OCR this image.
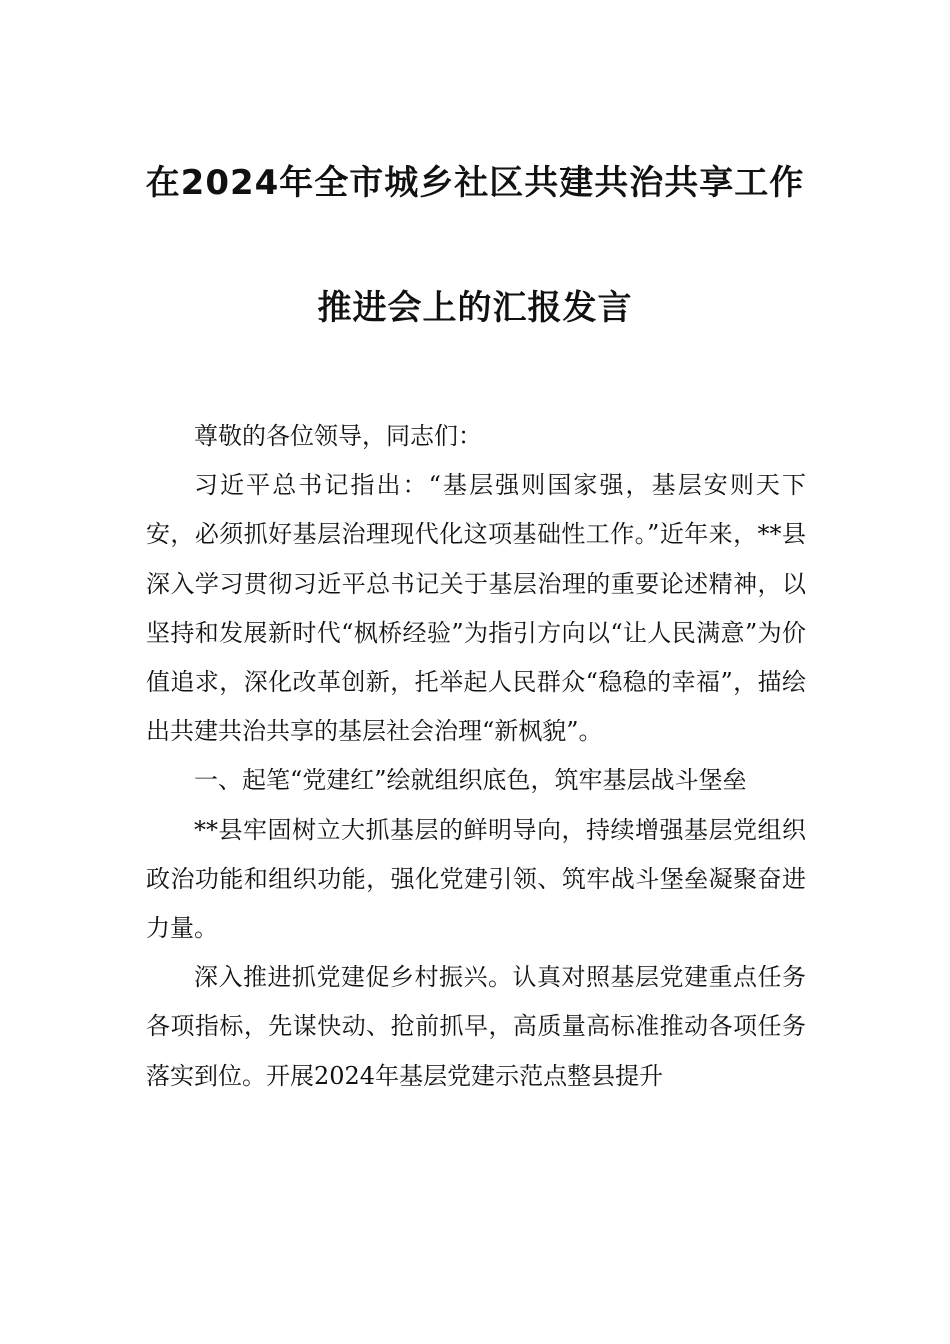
在2024年全市城乡社区共建共治共享工作
推进会上的汇报发言

尊敬的各位领导，同志们：

习近平总书记指出：“基层强则国家强，基层安则天下安，必须抓好基层治理现代化这项基础性工作。”近年来，**县深入学习贯彻习近平总书记关于基层治理的重要论述精神，以坚持和发展新时代“枫桥经验”为指引方向以“让人民满意”为价值追求，深化改革创新，托举起人民群众“稳稳的幸福”，描绘出共建共治共享的基层社会治理“新枫貌”。

一、起笔“党建红”绘就组织底色，筑牢基层战斗堡垒

**县牢固树立大抓基层的鲜明导向，持续增强基层党组织政治功能和组织功能，强化党建引领、筑牢战斗堡垒凝聚奋进力量。

深入推进抓党建促乡村振兴。认真对照基层党建重点任务各项指标，先谋快动、抢前抓早，高质量高标准推动各项任务落实到位。开展2024年基层党建示范点整县提升
